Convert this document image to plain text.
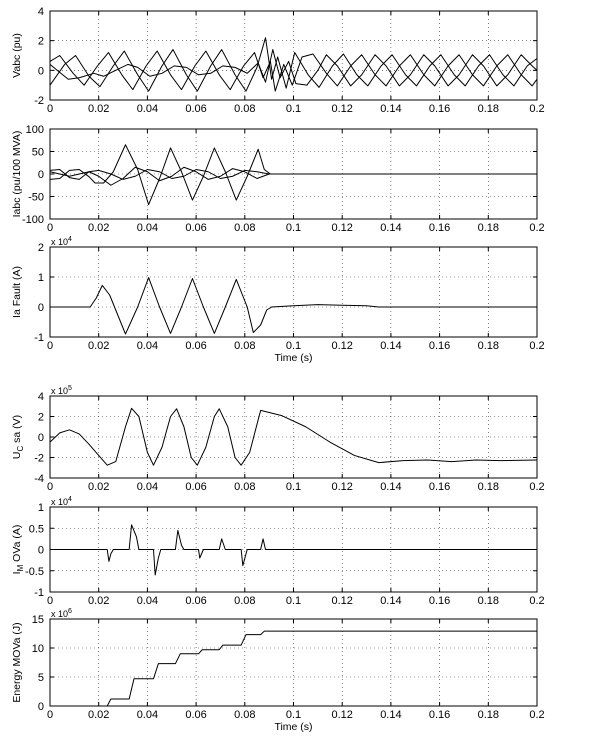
0	0.02 0.04 0.06 0.08	0.1	0.12 0.14 0.16 0.18	0.2
-2
0
2
4
Vabc (pu)
0	0.02 0.04 0.06 0.08	0.1	0.12 0.14 0.16 0.18	0.2
-100
-50
0
50
100
Iabc (pu/100 MVA)
0	0.02 0.04 0.06 0.08	0.1	0.12 0.14 0.16 0.18	0.2
-1
0
1
2 x $10^4$
Ia Fault (A)
Time (s)
0	0.02 0.04 0.06 0.08	0.1	0.12 0.14 0.16 0.18	0.2
-4
-2
0
2
4 x $10^5$
$U_C$ sa (V)
0	0.02 0.04 0.06 0.08	0.1	0.12 0.14 0.16 0.18	0.2
-1
-0.5
0
0.5
1 x $10^4$
$I_M$ OVa (A)
0	0.02 0.04 0.06 0.08	0.1	0.12 0.14 0.16 0.18	0.2
0
5
10
15 x $10^6$
Energy MOVa (J)
Time (s)
